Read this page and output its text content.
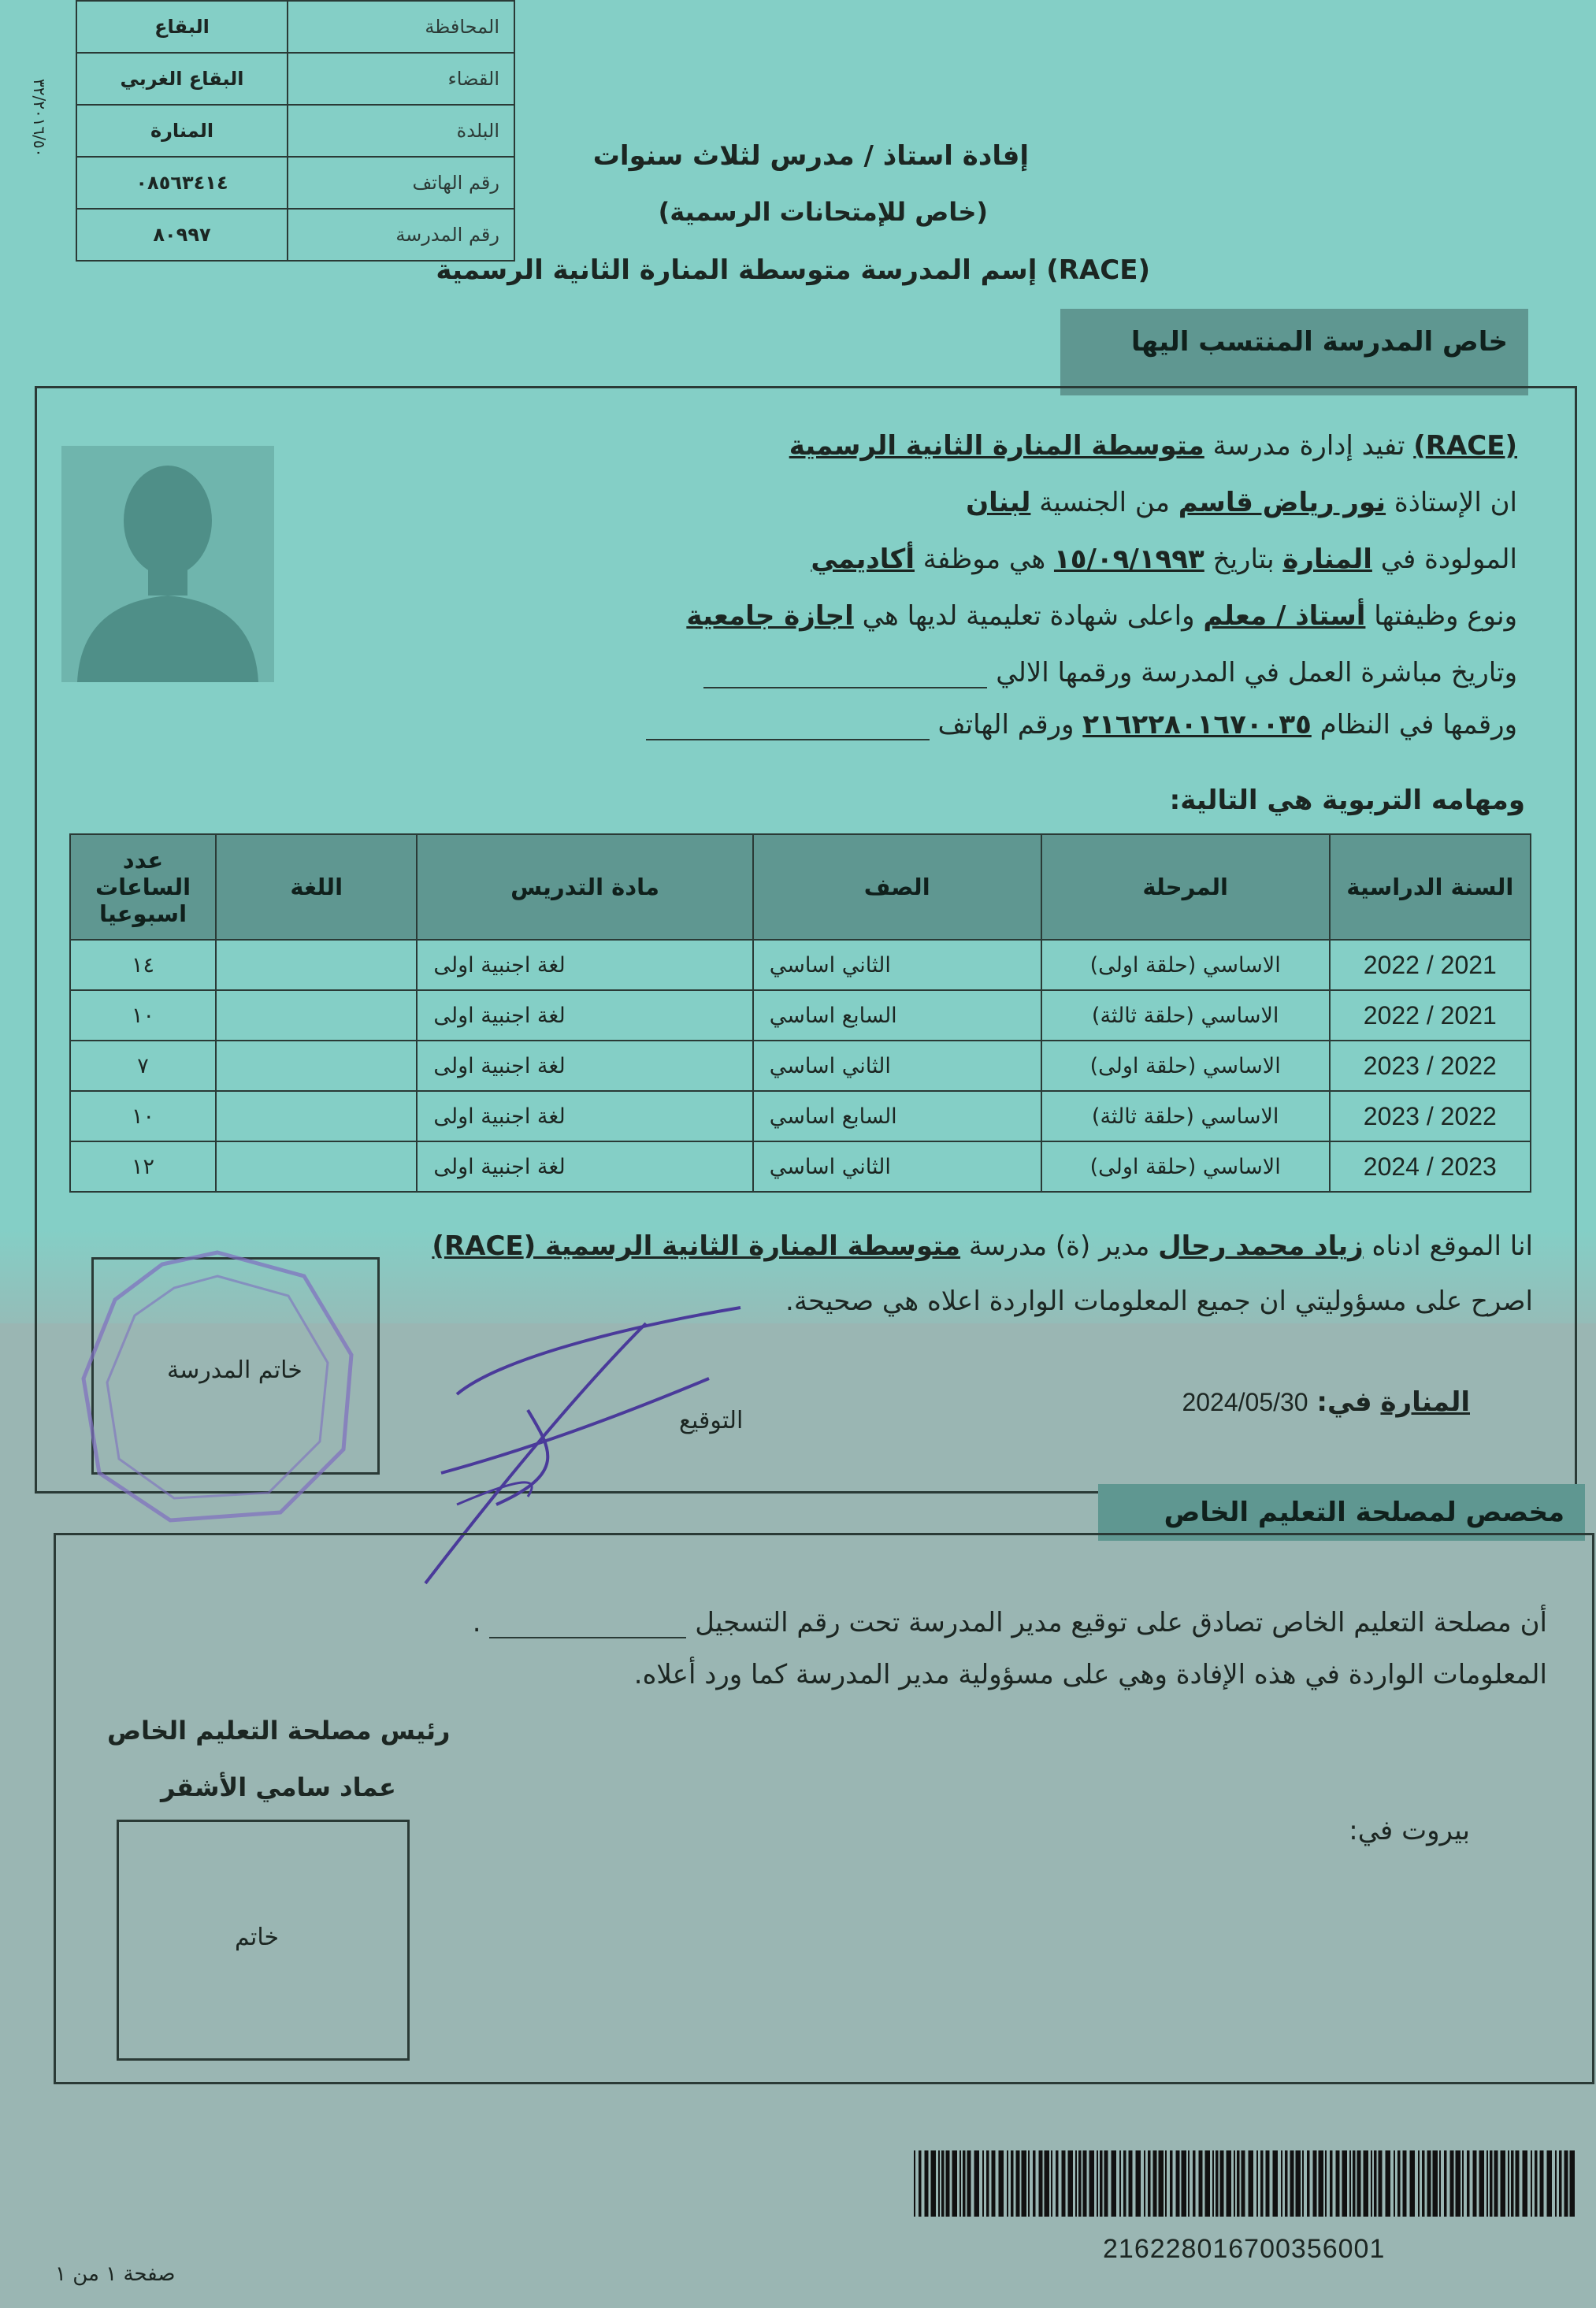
٣٢/٢٠١٦/٥٠
المحافظة	البقاع
القضاء	البقاع الغربي
البلدة	المنارة
رقم الهاتف	٠٨٥٦٣٤١٤
رقم المدرسة	٨٠٩٩٧
إفادة استاذ / مدرس لثلاث سنوات
(خاص للإمتحانات الرسمية)
(RACE) إسم المدرسة متوسطة المنارة الثانية الرسمية
خاص المدرسة المنتسب اليها
(RACE) تفيد إدارة مدرسة متوسطة المنارة الثانية الرسمية
ان الإستاذة نور رياض قاسم من الجنسية لبنان
المولودة في المنارة بتاريخ ١٥/٠٩/١٩٩٣ هي موظفة أكاديمي
ونوع وظيفتها أستاذ / معلم واعلى شهادة تعليمية لديها هي اجازة جامعية
وتاريخ مباشرة العمل في المدرسة ورقمها الالي
ورقمها في النظام ٢١٦٢٢٨٠١٦٧٠٠٣٥ ورقم الهاتف
ومهامه التربوية هي التالية:
السنة الدراسية	المرحلة	الصف	مادة التدريس	اللغة	عدد الساعات اسبوعيا
2021 / 2022	الاساسي (حلقة اولى)	الثاني اساسي	لغة اجنبية اولى		١٤
2021 / 2022	الاساسي (حلقة ثالثة)	السابع اساسي	لغة اجنبية اولى		١٠
2022 / 2023	الاساسي (حلقة اولى)	الثاني اساسي	لغة اجنبية اولى		٧
2022 / 2023	الاساسي (حلقة ثالثة)	السابع اساسي	لغة اجنبية اولى		١٠
2023 / 2024	الاساسي (حلقة اولى)	الثاني اساسي	لغة اجنبية اولى		١٢
انا الموقع ادناه زياد محمد رحال مدير (ة) مدرسة متوسطة المنارة الثانية الرسمية (RACE)
اصرح على مسؤوليتي ان جميع المعلومات الواردة اعلاه هي صحيحة.
المنارة في: 2024/05/30
التوقيع
خاتم المدرسة
مخصص لمصلحة التعليم الخاص
أن مصلحة التعليم الخاص تصادق على توقيع مدير المدرسة تحت رقم التسجيل  .
المعلومات الواردة في هذه الإفادة وهي على مسؤولية مدير المدرسة كما ورد أعلاه.
رئيس مصلحة التعليم الخاص
عماد سامي الأشقر
خاتم
بيروت في:
216228016700356001
صفحة ١ من ١
